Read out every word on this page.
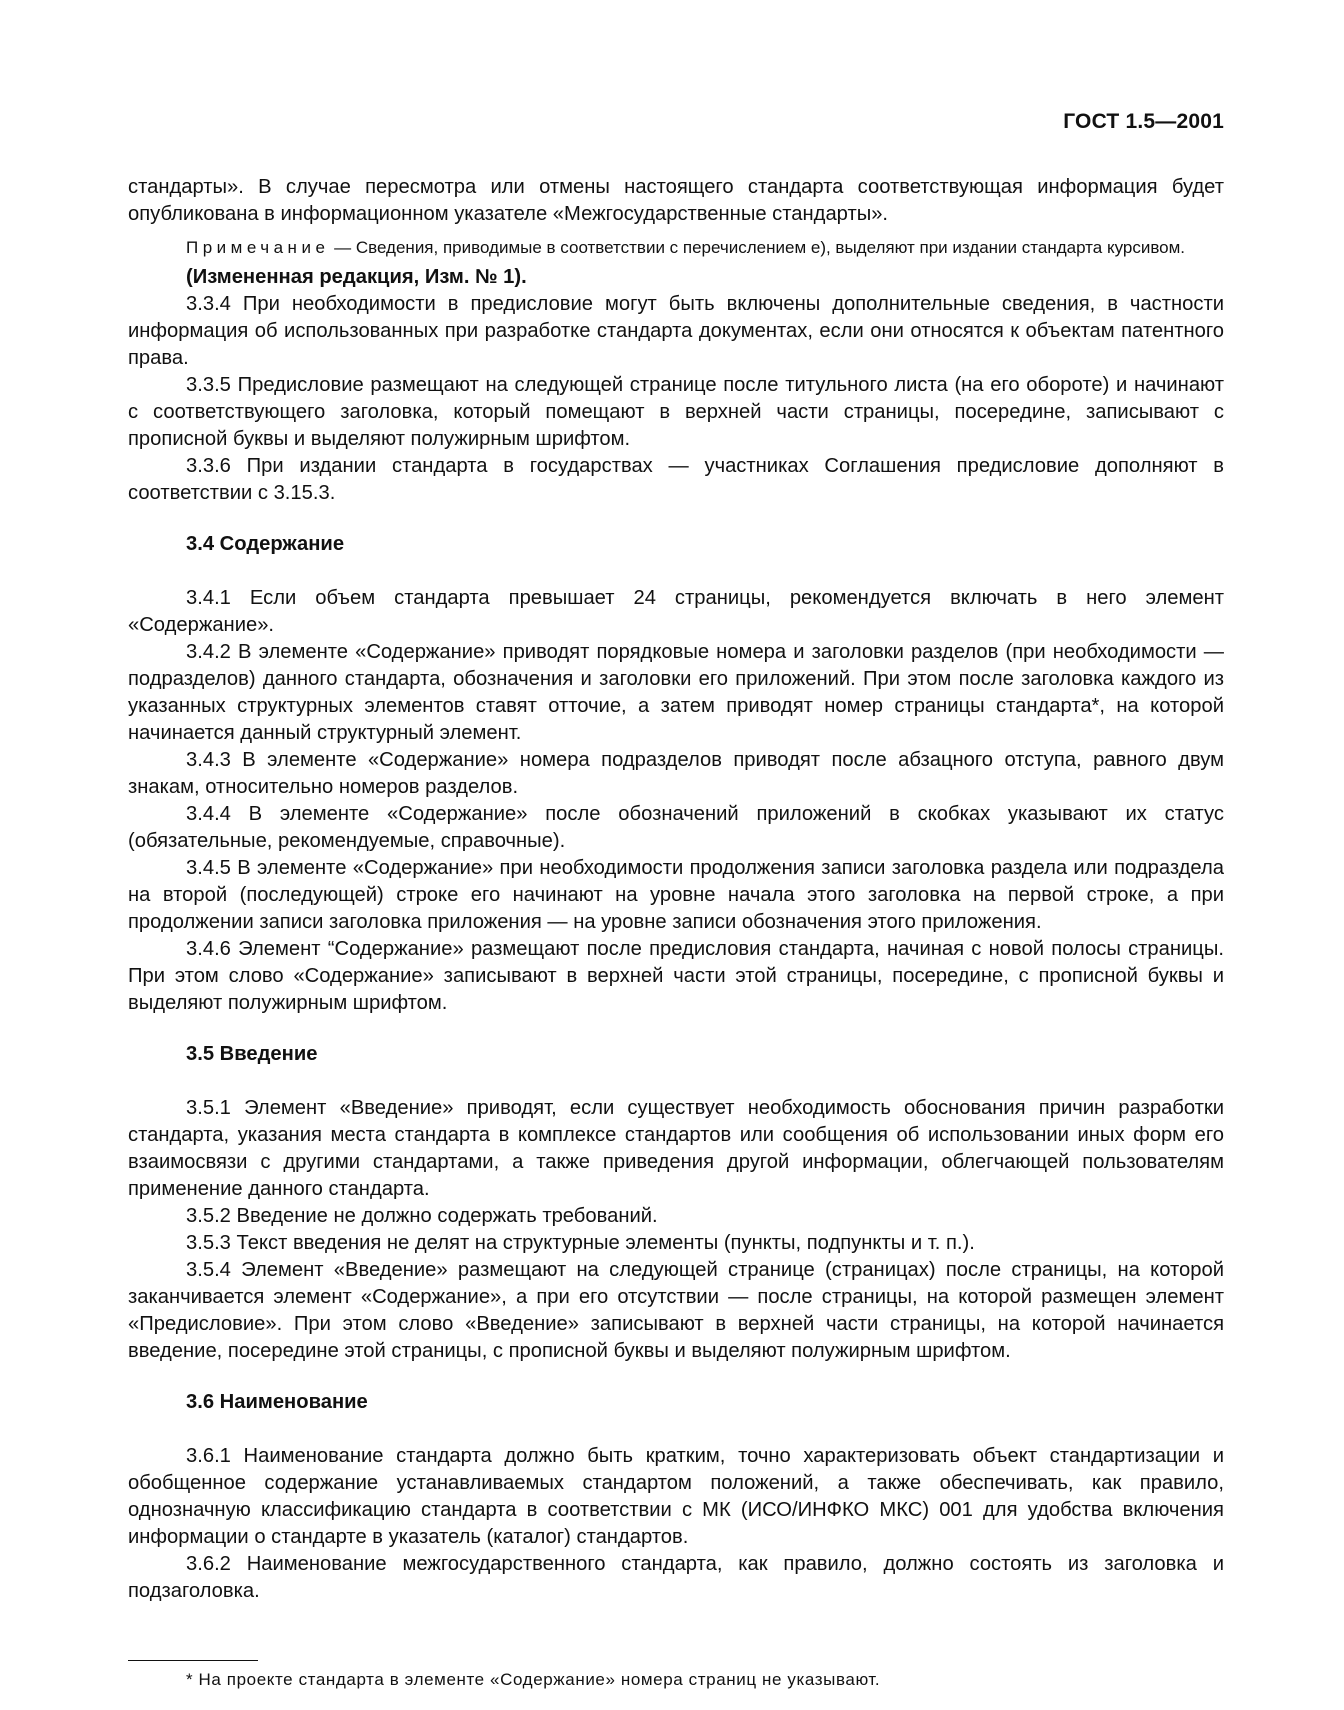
ГОСТ 1.5—2001

стандарты». В случае пересмотра или отмены настоящего стандарта соответствующая информация будет опубликована в информационном указателе «Межгосударственные стандарты».

Примечание — Сведения, приводимые в соответствии с перечислением е), выделяют при издании стандарта курсивом.

(Измененная редакция, Изм. № 1).

3.3.4 При необходимости в предисловие могут быть включены дополнительные сведения, в частности информация об использованных при разработке стандарта документах, если они относятся к объектам патентного права.

3.3.5 Предисловие размещают на следующей странице после титульного листа (на его обороте) и начинают с соответствующего заголовка, который помещают в верхней части страницы, посередине, записывают с прописной буквы и выделяют полужирным шрифтом.

3.3.6 При издании стандарта в государствах — участниках Соглашения предисловие дополняют в соответствии с 3.15.3.

3.4 Содержание

3.4.1 Если объем стандарта превышает 24 страницы, рекомендуется включать в него элемент «Содержание».

3.4.2 В элементе «Содержание» приводят порядковые номера и заголовки разделов (при необходимости — подразделов) данного стандарта, обозначения и заголовки его приложений. При этом после заголовка каждого из указанных структурных элементов ставят отточие, а затем приводят номер страницы стандарта*, на которой начинается данный структурный элемент.

3.4.3 В элементе «Содержание» номера подразделов приводят после абзацного отступа, равного двум знакам, относительно номеров разделов.

3.4.4 В элементе «Содержание» после обозначений приложений в скобках указывают их статус (обязательные, рекомендуемые, справочные).

3.4.5 В элементе «Содержание» при необходимости продолжения записи заголовка раздела или подраздела на второй (последующей) строке его начинают на уровне начала этого заголовка на первой строке, а при продолжении записи заголовка приложения — на уровне записи обозначения этого приложения.

3.4.6 Элемент “Содержание» размещают после предисловия стандарта, начиная с новой полосы страницы. При этом слово «Содержание» записывают в верхней части этой страницы, посередине, с прописной буквы и выделяют полужирным шрифтом.

3.5 Введение

3.5.1 Элемент «Введение» приводят, если существует необходимость обоснования причин разработки стандарта, указания места стандарта в комплексе стандартов или сообщения об использовании иных форм его взаимосвязи с другими стандартами, а также приведения другой информации, облегчающей пользователям применение данного стандарта.

3.5.2 Введение не должно содержать требований.

3.5.3 Текст введения не делят на структурные элементы (пункты, подпункты и т. п.).

3.5.4 Элемент «Введение» размещают на следующей странице (страницах) после страницы, на которой заканчивается элемент «Содержание», а при его отсутствии — после страницы, на которой размещен элемент «Предисловие». При этом слово «Введение» записывают в верхней части страницы, на которой начинается введение, посередине этой страницы, с прописной буквы и выделяют полужирным шрифтом.

3.6 Наименование

3.6.1 Наименование стандарта должно быть кратким, точно характеризовать объект стандартизации и обобщенное содержание устанавливаемых стандартом положений, а также обеспечивать, как правило, однозначную классификацию стандарта в соответствии с МК (ИСО/ИНФКО МКС) 001 для удобства включения информации о стандарте в указатель (каталог) стандартов.

3.6.2 Наименование межгосударственного стандарта, как правило, должно состоять из заголовка и подзаголовка.

* На проекте стандарта в элементе «Содержание» номера страниц не указывают.
